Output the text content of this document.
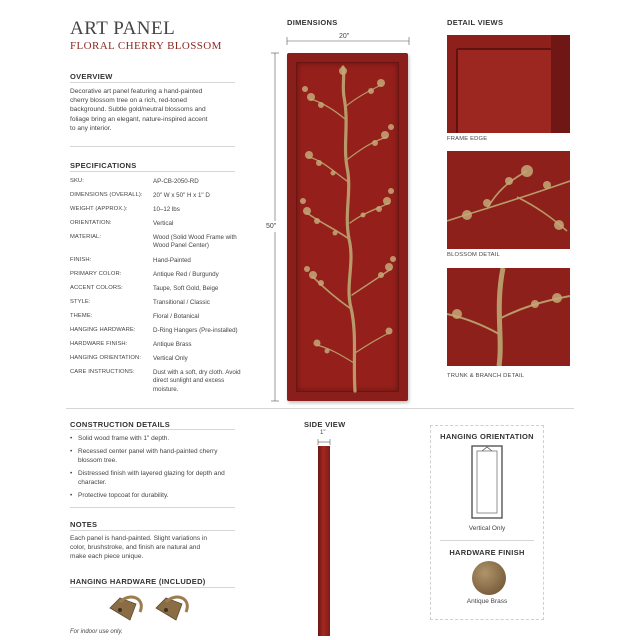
ART PANEL
FLORAL CHERRY BLOSSOM
OVERVIEW
Decorative art panel featuring a hand-painted
cherry blossom tree on a rich, red-toned
background. Subtle gold/neutral blossoms and
foliage bring an elegant, nature-inspired accent
to any interior.
SPECIFICATIONS
SKU:	AP-CB-2050-RD
DIMENSIONS (OVERALL):	20" W x 50" H x 1" D
WEIGHT (APPROX.):	10–12 lbs
ORIENTATION:	Vertical
MATERIAL:	Wood (Solid Wood Frame with Wood Panel Center)
FINISH:	Hand-Painted
PRIMARY COLOR:	Antique Red / Burgundy
ACCENT COLORS:	Taupe, Soft Gold, Beige
STYLE:	Transitional / Classic
THEME:	Floral / Botanical
HANGING HARDWARE:	D-Ring Hangers (Pre-installed)
HARDWARE FINISH:	Antique Brass
HANGING ORIENTATION:	Vertical Only
CARE INSTRUCTIONS:	Dust with a soft, dry cloth. Avoid direct sunlight and excess moisture.
DIMENSIONS
20"
50"
DETAIL VIEWS
FRAME EDGE
BLOSSOM DETAIL
TRUNK & BRANCH DETAIL
CONSTRUCTION DETAILS
• Solid wood frame with 1" depth.
• Recessed center panel with hand-painted cherry blossom tree.
• Distressed finish with layered glazing for depth and character.
• Protective topcoat for durability.
NOTES
Each panel is hand-painted. Slight variations in
color, brushstroke, and finish are natural and
make each piece unique.
HANGING HARDWARE (INCLUDED)
SIDE VIEW
1"	HANGING ORIENTATION
Vertical Only
HARDWARE FINISH
Antique Brass
For indoor use only.
